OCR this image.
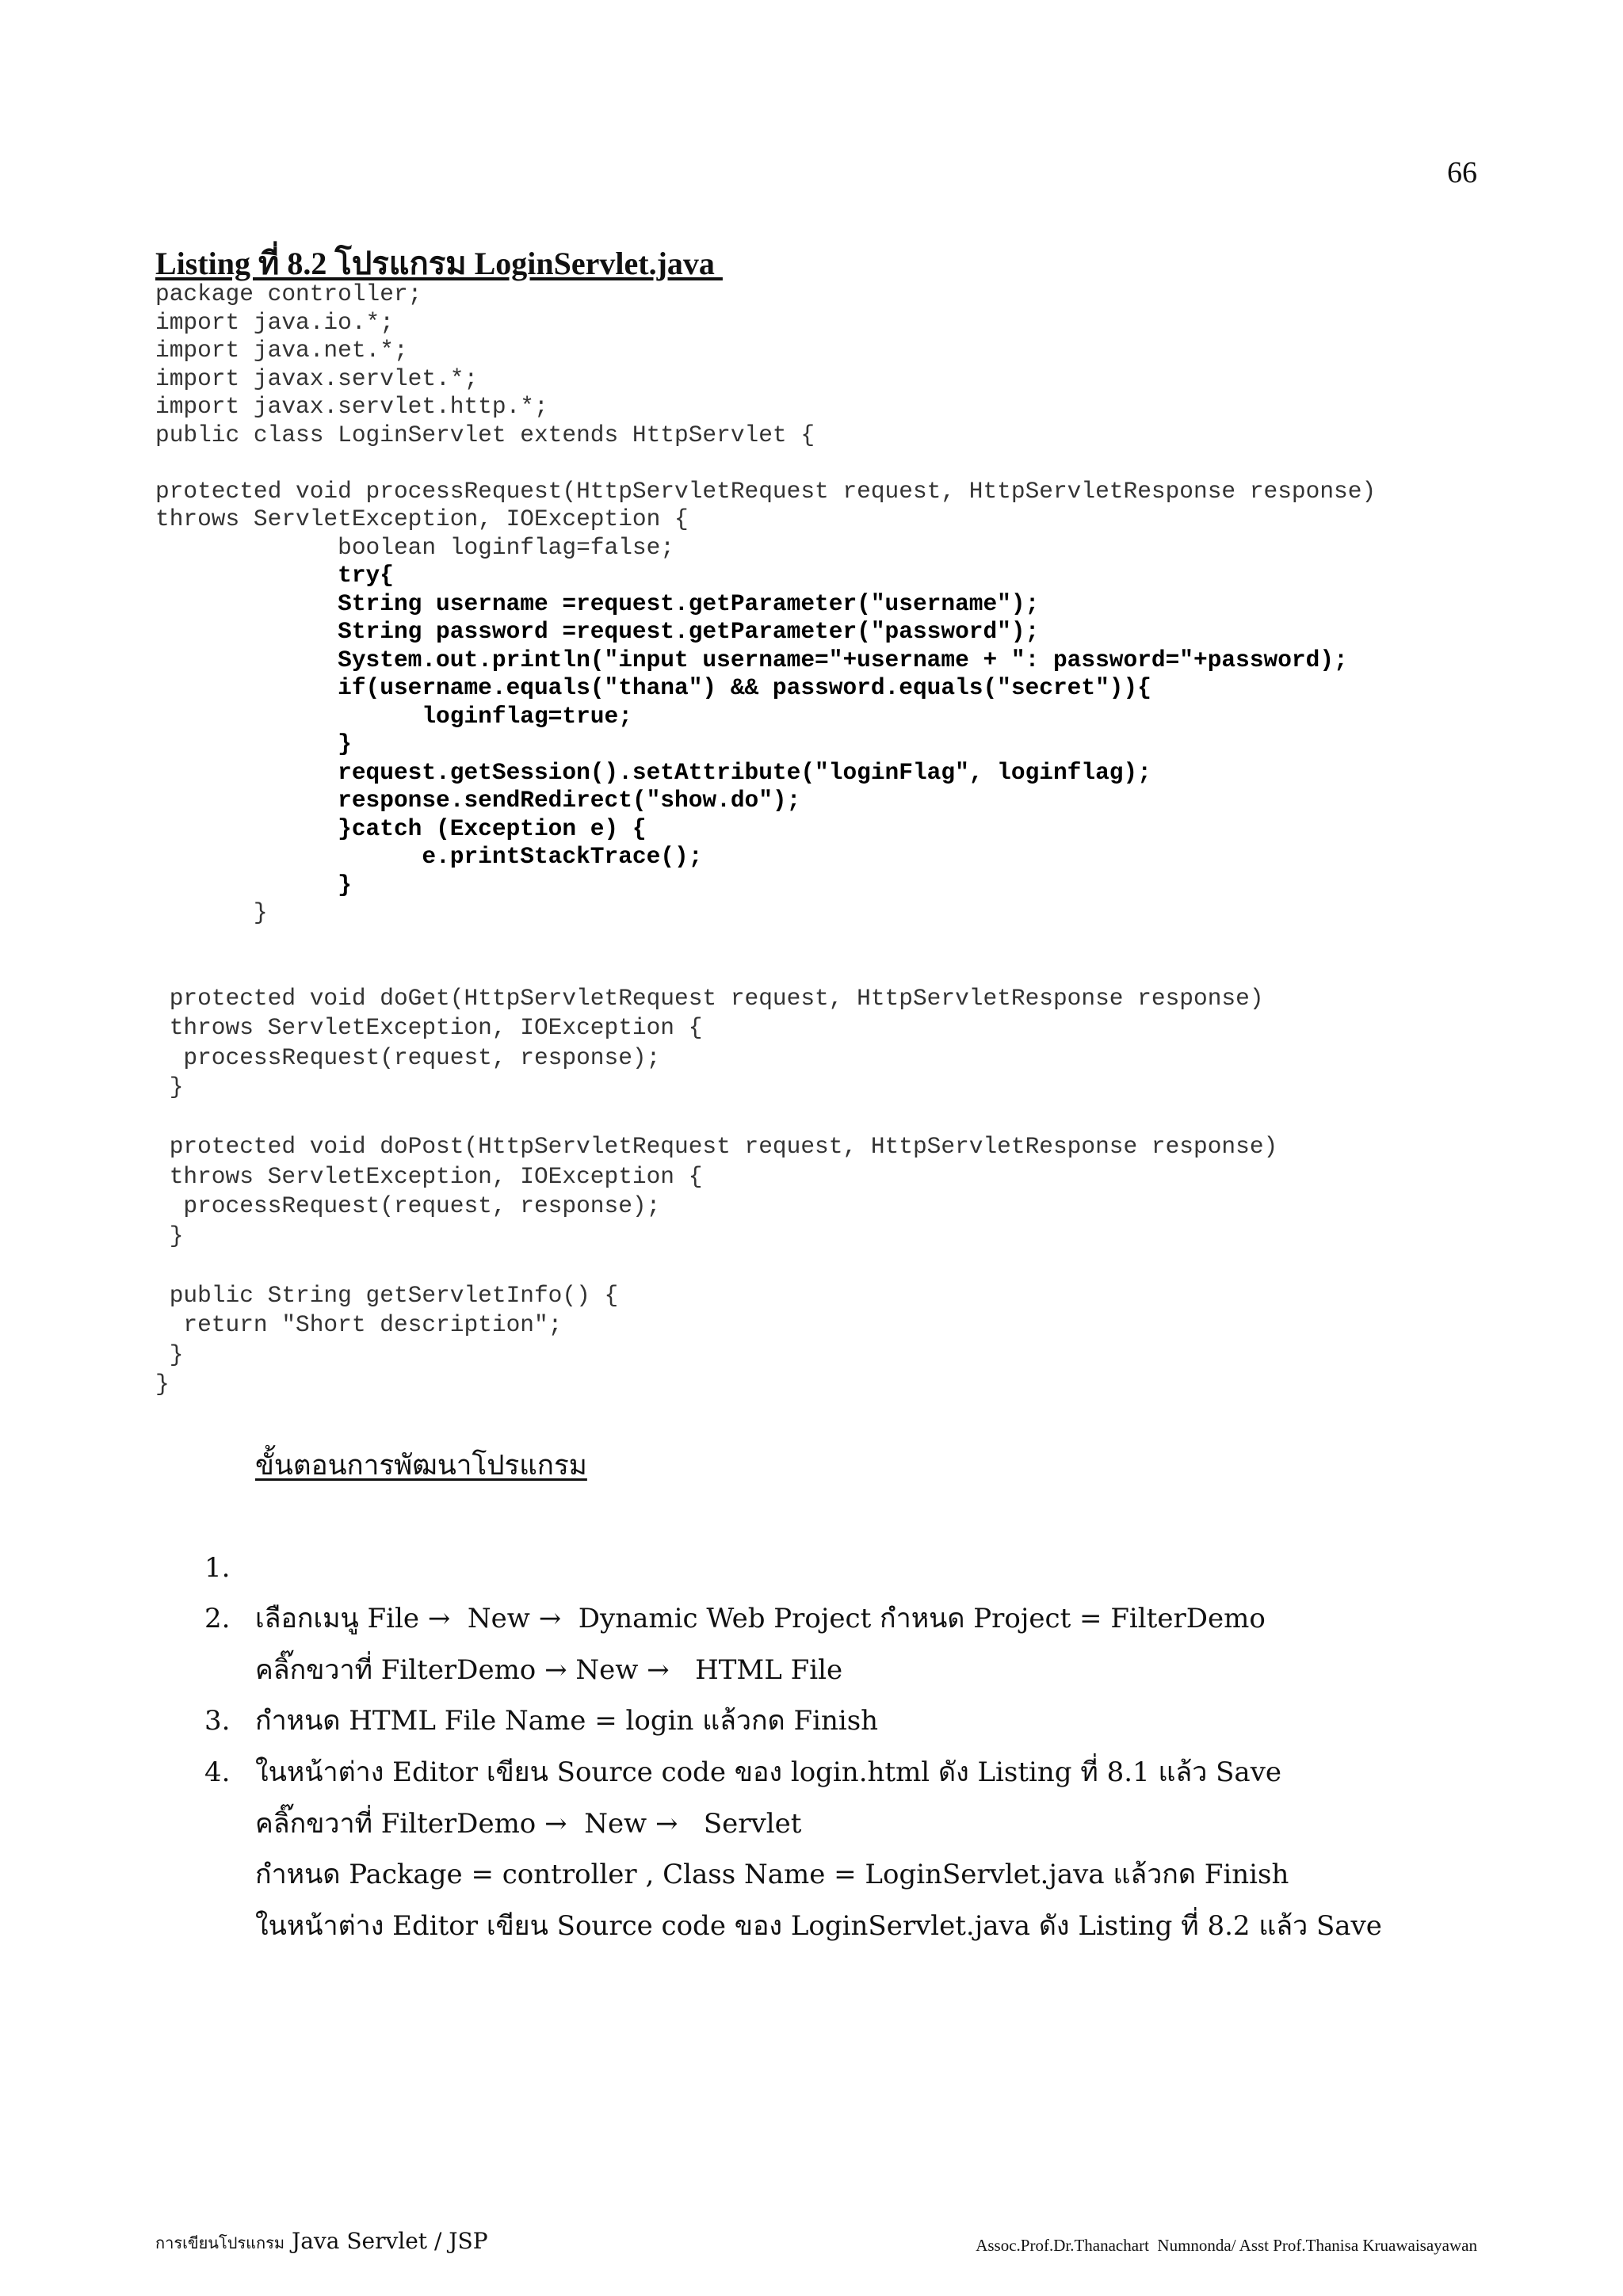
66
Listing ที่ 8.2 โปรแกรม LoginServlet.java
package controller;
import java.io.*;
import java.net.*;
import javax.servlet.*;
import javax.servlet.http.*;
public class LoginServlet extends HttpServlet {
protected void processRequest(HttpServletRequest request, HttpServletResponse response)
throws ServletException, IOException {
boolean loginflag=false;
try{
String username =request.getParameter("username");
String password =request.getParameter("password");
System.out.println("input username="+username + ": password="+password);
if(username.equals("thana") && password.equals("secret")){
loginflag=true;
}
request.getSession().setAttribute("loginFlag", loginflag);
response.sendRedirect("show.do");
}catch (Exception e) {
e.printStackTrace();
}
}
protected void doGet(HttpServletRequest request, HttpServletResponse response)
throws ServletException, IOException {
processRequest(request, response);
}
protected void doPost(HttpServletRequest request, HttpServletResponse response)
throws ServletException, IOException {
processRequest(request, response);
}
public String getServletInfo() {
return "Short description";
}
}
ขั้นตอนการพัฒนาโปรแกรม

1.

เลือกเมนู File →  New →  Dynamic Web Project กำหนด Project = FilterDemo

2.

คลิ๊กขวาที่ FilterDemo → New →   HTML File

กำหนด HTML File Name = login แล้วกด Finish

3.

ในหน้าต่าง Editor เขียน Source code ของ login.html ดัง Listing ที่ 8.1 แล้ว Save

4.

คลิ๊กขวาที่ FilterDemo →  New →   Servlet

กำหนด Package = controller , Class Name = LoginServlet.java แล้วกด Finish

ในหน้าต่าง Editor เขียน Source code ของ LoginServlet.java ดัง Listing ที่ 8.2 แล้ว Save

การเขียนโปรแกรม Java Servlet / JSP	Assoc.Prof.Dr.Thanachart  Numnonda/ Asst Prof.Thanisa Kruawaisayawan
